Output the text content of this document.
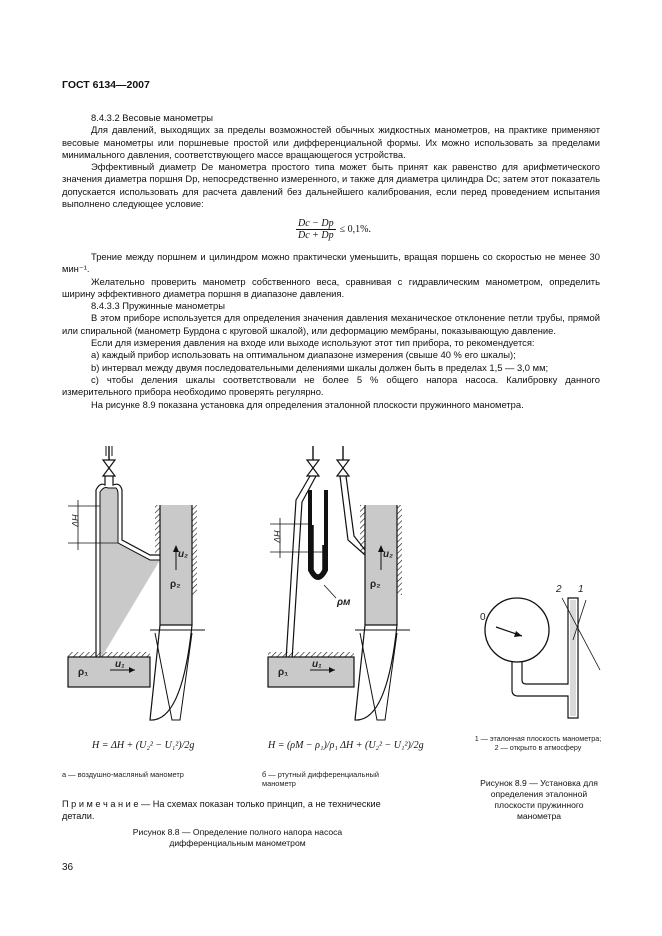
ГОСТ 6134—2007

8.4.3.2 Весовые манометры

Для давлений, выходящих за пределы возможностей обычных жидкостных манометров, на практике применяют весовые манометры или поршневые простой или дифференциальной формы. Их можно использовать за пределами минимального давления, соответствующего массе вращающегося устройства.

Эффективный диаметр De манометра простого типа может быть принят как равенство для арифметического значения диаметра поршня Dp, непосредственно измеренного, и также для диаметра цилиндра Dc; затем этот показатель допускается использовать для расчета давлений без дальнейшего калибрования, если перед проведением испытания выполнено следующее условие:

$\frac{Dc - Dp}{Dc + Dp} \le 0,1\%$.

Трение между поршнем и цилиндром можно практически уменьшить, вращая поршень со скоростью не менее 30 мин⁻¹.

Желательно проверить манометр собственного веса, сравнивая с гидравлическим манометром, определить ширину эффективного диаметра поршня в диапазоне давления.

8.4.3.3 Пружинные манометры

В этом приборе используется для определения значения давления механическое отклонение петли трубы, прямой или спиральной (манометр Бурдона с круговой шкалой), или деформацию мембраны, показывающую давление.

Если для измерения давления на входе или выходе используют этот тип прибора, то рекомендуется:

а) каждый прибор использовать на оптимальном диапазоне измерения (свыше 40 % его шкалы);

b) интервал между двумя последовательными делениями шкалы должен быть в пределах 1,5 — 3,0 мм;

с) чтобы деления шкалы соответствовали не более 5 % общего напора насоса. Калибровку данного измерительного прибора необходимо проверять регулярно.

На рисунке 8.9 показана установка для определения эталонной плоскости пружинного манометра.

ΔH
ΔH
u₂	u₂
ρ₂	ρ₂
ρ₁	ρ₁
u₁	u₁
ρм
0
1
2
H = ΔH + (U₂² − U₁²)/2g	H = (ρМ − ρ₁)/ρ₁ ΔH + (U₂² − U₁²)/2g
а — воздушно-масляный манометр	б — ртутный дифференциальный манометр
1 — эталонная плоскость манометра; 2 — открыто в атмосферу
Рисунок 8.9 — Установка для определения эталонной плоскости пружинного манометра
П р и м е ч а н и е — На схемах показан только принцип, а не технические детали.
Рисунок 8.8 — Определение полного напора насоса дифференциальным манометром
36
